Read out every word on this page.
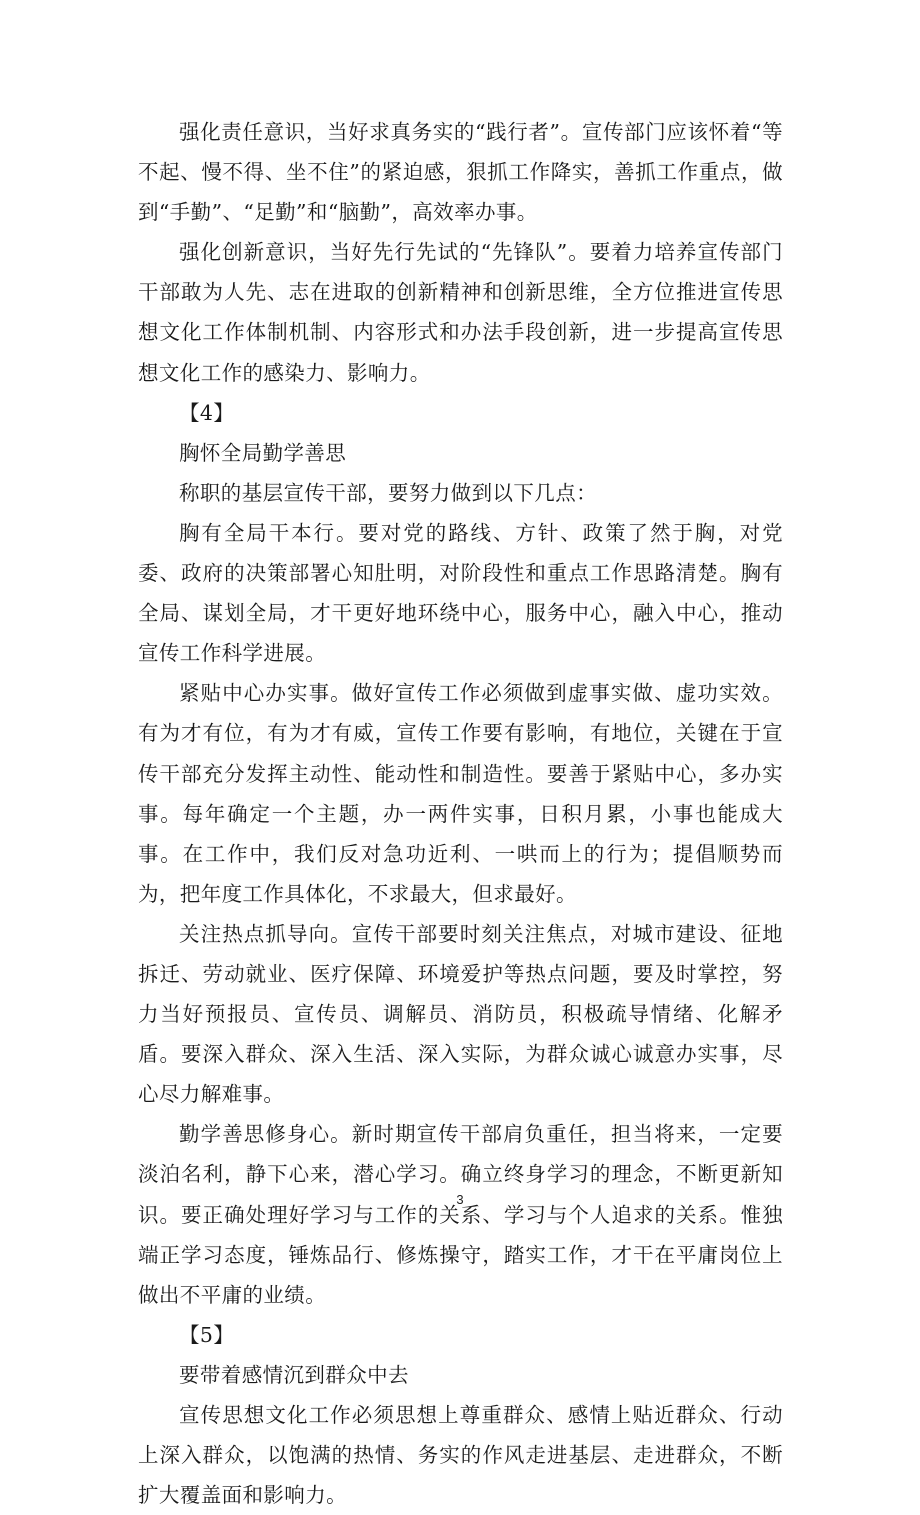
强化责任意识，当好求真务实的“践行者”。宣传部门应该怀着“等不起、慢不得、坐不住”的紧迫感，狠抓工作降实，善抓工作重点，做到“手勤”、“足勤”和“脑勤”，高效率办事。

强化创新意识，当好先行先试的“先锋队”。要着力培养宣传部门干部敢为人先、志在进取的创新精神和创新思维，全方位推进宣传思想文化工作体制机制、内容形式和办法手段创新，进一步提高宣传思想文化工作的感染力、影响力。

【4】

胸怀全局勤学善思

称职的基层宣传干部，要努力做到以下几点：

胸有全局干本行。要对党的路线、方针、政策了然于胸，对党委、政府的决策部署心知肚明，对阶段性和重点工作思路清楚。胸有全局、谋划全局，才干更好地环绕中心，服务中心，融入中心，推动宣传工作科学进展。

紧贴中心办实事。做好宣传工作必须做到虚事实做、虚功实效。有为才有位，有为才有威，宣传工作要有影响，有地位，关键在于宣传干部充分发挥主动性、能动性和制造性。要善于紧贴中心，多办实事。每年确定一个主题，办一两件实事，日积月累，小事也能成大事。在工作中，我们反对急功近利、一哄而上的行为；提倡顺势而为，把年度工作具体化，不求最大，但求最好。

关注热点抓导向。宣传干部要时刻关注焦点，对城市建设、征地拆迁、劳动就业、医疗保障、环境爱护等热点问题，要及时掌控，努力当好预报员、宣传员、调解员、消防员，积极疏导情绪、化解矛盾。要深入群众、深入生活、深入实际，为群众诚心诚意办实事，尽心尽力解难事。

勤学善思修身心。新时期宣传干部肩负重任，担当将来，一定要淡泊名利，静下心来，潜心学习。确立终身学习的理念，不断更新知识。要正确处理好学习与工作的关系、学习与个人追求的关系。惟独端正学习态度，锤炼品行、修炼操守，踏实工作，才干在平庸岗位上做出不平庸的业绩。

【5】

要带着感情沉到群众中去

宣传思想文化工作必须思想上尊重群众、感情上贴近群众、行动上深入群众，以饱满的热情、务实的作风走进基层、走进群众，不断扩大覆盖面和影响力。

3
